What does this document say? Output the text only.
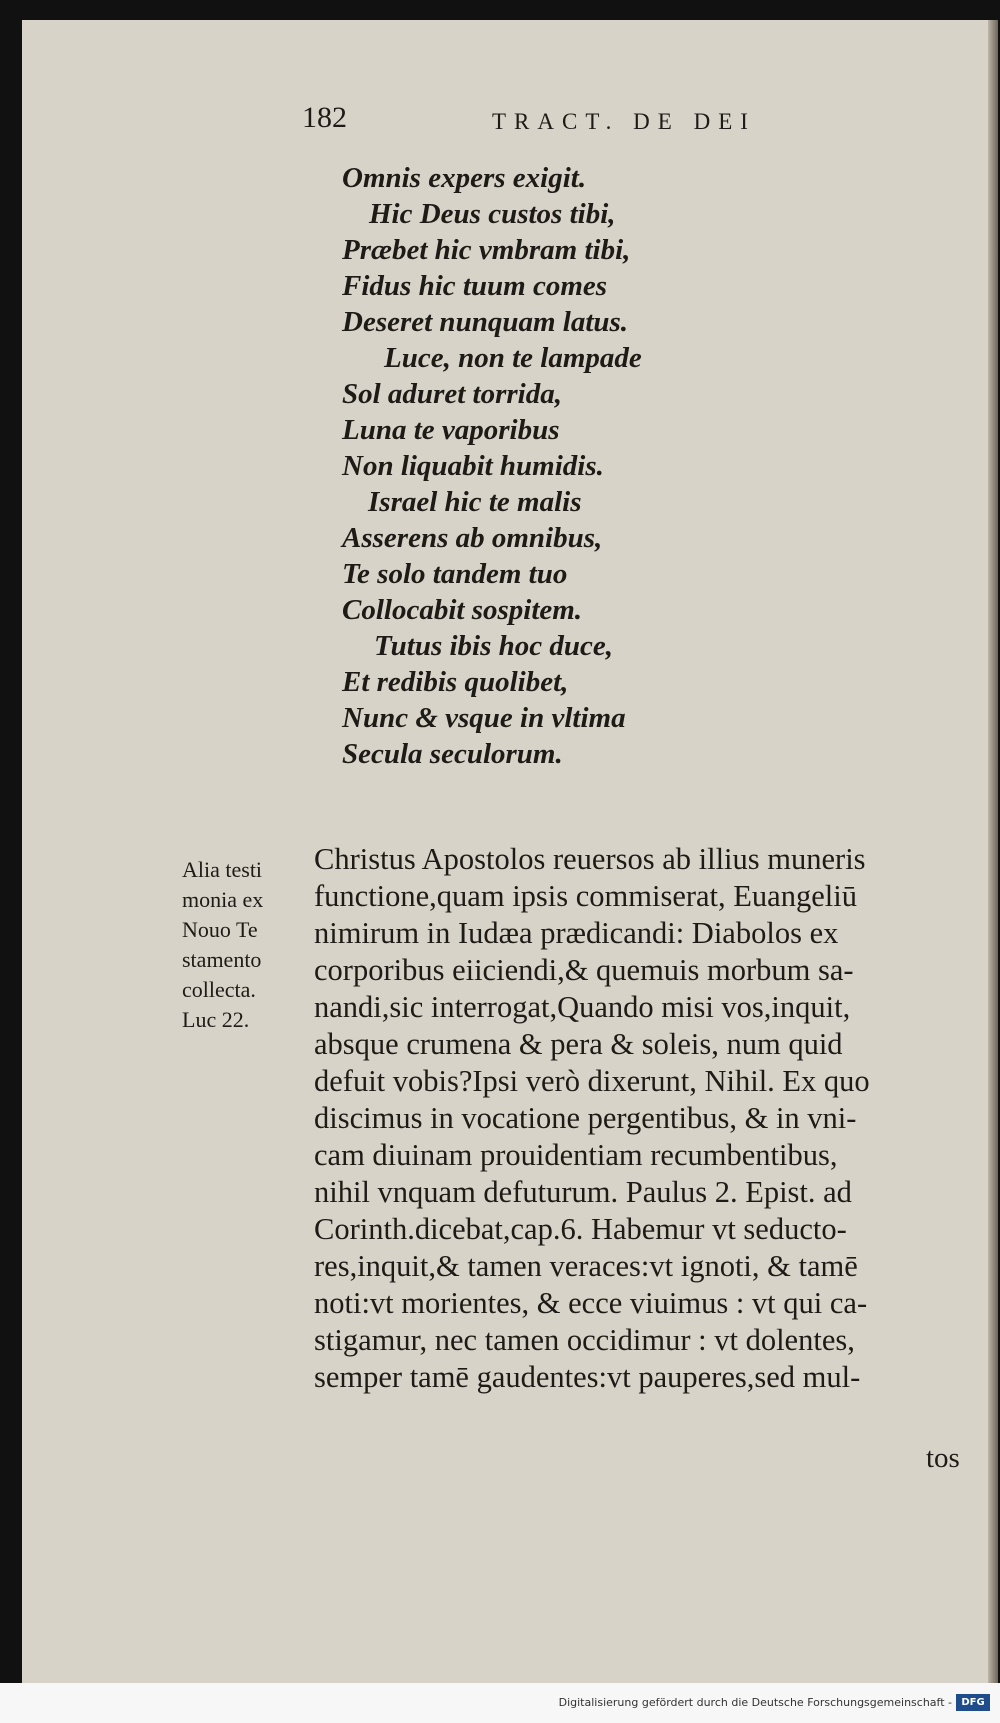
182	TRACT. DE DEI
Omnis expers exigit.
Hic Deus custos tibi,
Præbet hic vmbram tibi,
Fidus hic tuum comes
Deseret nunquam latus.
Luce, non te lampade
Sol aduret torrida,
Luna te vaporibus
Non liquabit humidis.
Israel hic te malis
Asserens ab omnibus,
Te solo tandem tuo
Collocabit sospitem.
Tutus ibis hoc duce,
Et redibis quolibet,
Nunc & vsque in vltima
Secula seculorum.
Alia testi
monia ex
Nouo Te
stamento
collecta.
Luc 22.
Christus Apostolos reuersos ab illius muneris
functione,quam ipsis commiserat, Euangeliū
nimirum in Iudæa prædicandi: Diabolos ex
corporibus eiiciendi,& quemuis morbum sa-
nandi,sic interrogat,Quando misi vos,inquit,
absque crumena & pera & soleis, num quid
defuit vobis?Ipsi verò dixerunt, Nihil. Ex quo
discimus in vocatione pergentibus, & in vni-
cam diuinam prouidentiam recumbentibus,
nihil vnquam defuturum. Paulus 2. Epist. ad
Corinth.dicebat,cap.6. Habemur vt seducto-
res,inquit,& tamen veraces:vt ignoti, & tamē
noti:vt morientes, & ecce viuimus : vt qui ca-
stigamur, nec tamen occidimur : vt dolentes,
semper tamē gaudentes:vt pauperes,sed mul-
tos
Digitalisierung gefördert durch die Deutsche Forschungsgemeinschaft - DFG
